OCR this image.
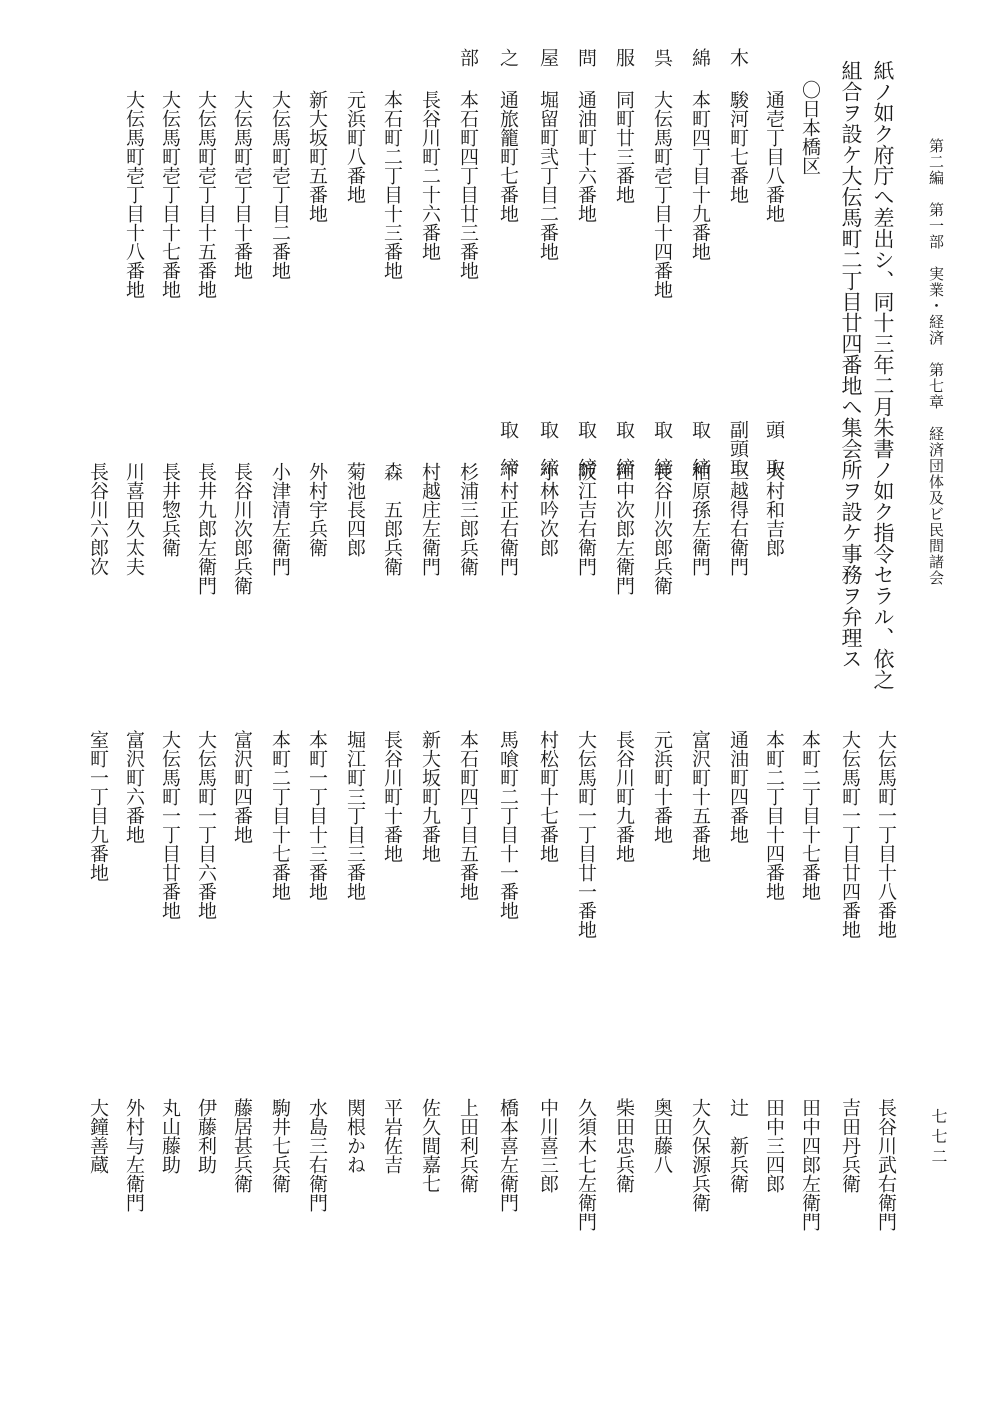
第二編　第一部　実業・経済　第七章　経済団体及ビ民間諸会
七七二
紙ノ如ク府庁へ差出シ、同十三年二月朱書ノ如ク指令セラル、依之
組合ヲ設ケ大伝馬町二丁目廿四番地へ集会所ヲ設ケ事務ヲ弁理ス
〇日本橋区
木
綿
呉
服
問
屋
之
部
通壱丁目八番地
駿河町七番地
本町四丁目十九番地
大伝馬町壱丁目十四番地
同町廿三番地
通油町十六番地
堀留町弐丁目二番地
通旅籠町七番地
本石町四丁目廿三番地
長谷川町二十六番地
本石町二丁目十三番地
元浜町八番地
新大坂町五番地
大伝馬町壱丁目二番地
大伝馬町壱丁目十番地
大伝馬町壱丁目十五番地
大伝馬町壱丁目十七番地
大伝馬町壱丁目十八番地
頭　取
副頭取
取　締
取　締
取　締
取　締
取　締
取　締
大村和吉郎
三越得右衛門
柏原孫左衛門
長谷川次郎兵衛
田中次郎左衛門
阪江吉右衛門
小林吟次郎
下村正右衛門
杉浦三郎兵衛
村越庄左衛門
森　五郎兵衛
菊池長四郎
外村宇兵衛
小津清左衛門
長谷川次郎兵衛
長井九郎左衛門
長井惣兵衛
川喜田久太夫
長谷川六郎次
大伝馬町一丁目十八番地
大伝馬町一丁目廿四番地
本町二丁目十七番地
本町二丁目十四番地
通油町四番地
富沢町十五番地
元浜町十番地
長谷川町九番地
大伝馬町一丁目廿一番地
村松町十七番地
馬喰町二丁目十一番地
本石町四丁目五番地
新大坂町九番地
長谷川町十番地
堀江町三丁目三番地
本町一丁目十三番地
本町二丁目十七番地
富沢町四番地
大伝馬町一丁目六番地
大伝馬町一丁目廿番地
富沢町六番地
室町一丁目九番地
長谷川武右衛門
吉田丹兵衛
田中四郎左衛門
田中三四郎
辻　新兵衛
大久保源兵衛
奥田藤八
柴田忠兵衛
久須木七左衛門
中川喜三郎
橋本喜左衛門
上田利兵衛
佐久間嘉七
平岩佐吉
関根かね
水島三右衛門
駒井七兵衛
藤居甚兵衛
伊藤利助
丸山藤助
外村与左衛門
大鐘善蔵
